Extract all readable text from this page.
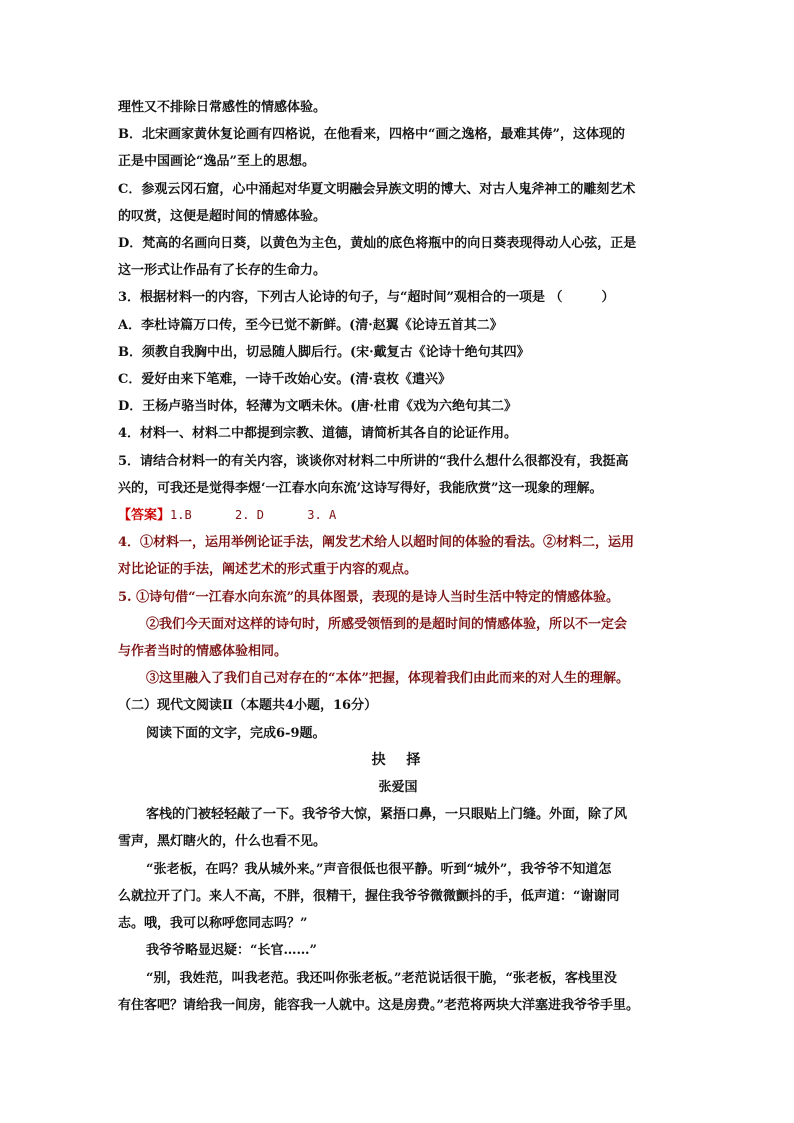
理性又不排除日常感性的情感体验。
B．北宋画家黄休复论画有四格说，在他看来，四格中“画之逸格，最难其俦”，这体现的
正是中国画论“逸品”至上的思想。
C．参观云冈石窟，心中涌起对华夏文明融会异族文明的博大、对古人鬼斧神工的雕刻艺术
的叹赏，这便是超时间的情感体验。
D．梵高的名画向日葵，以黄色为主色，黄灿的底色将瓶中的向日葵表现得动人心弦，正是
这一形式让作品有了长存的生命力。
3．根据材料一的内容，下列古人论诗的句子，与“超时间”观相合的一项是 （　　　）
A．李杜诗篇万口传，至今已觉不新鲜。(清·赵翼《论诗五首其二》
B．须教自我胸中出，切忌随人脚后行。(宋·戴复古《论诗十绝句其四》
C．爱好由来下笔难，一诗千改始心安。(清·袁枚《遣兴》
D．王杨卢骆当时体，轻薄为文哂未休。(唐·杜甫《戏为六绝句其二》
4．材料一、材料二中都提到宗教、道德，请简析其各自的论证作用。
5．请结合材料一的有关内容，谈谈你对材料二中所讲的“我什么想什么很都没有，我挺高
兴的，可我还是觉得李煜‘一江春水向东流’这诗写得好，我能欣赏”这一现象的理解。
【答案】1.B      2. D      3. A
4．①材料一，运用举例论证手法，阐发艺术给人以超时间的体验的看法。②材料二，运用
对比论证的手法，阐述艺术的形式重于内容的观点。
5. ①诗句借“一江春水向东流”的具体图景，表现的是诗人当时生活中特定的情感体验。
②我们今天面对这样的诗句时，所感受领悟到的是超时间的情感体验，所以不一定会
与作者当时的情感体验相同。
③这里融入了我们自己对存在的“本体”把握，体现着我们由此而来的对人生的理解。
（二）现代文阅读Ⅱ（本题共4小题，16分）
阅读下面的文字，完成6-9题。
抉 择
张爱国
客栈的门被轻轻敲了一下。我爷爷大惊，紧捂口鼻，一只眼贴上门缝。外面，除了风
雪声，黑灯瞎火的，什么也看不见。
“张老板，在吗？我从城外来。”声音很低也很平静。听到“城外”，我爷爷不知道怎
么就拉开了门。来人不高，不胖，很精干，握住我爷爷微微颤抖的手，低声道：“谢谢同
志。哦，我可以称呼您同志吗？”
我爷爷略显迟疑：“长官……”
“别，我姓范，叫我老范。我还叫你张老板。”老范说话很干脆，“张老板，客栈里没
有住客吧？请给我一间房，能容我一人就中。这是房费。”老范将两块大洋塞进我爷爷手里。
